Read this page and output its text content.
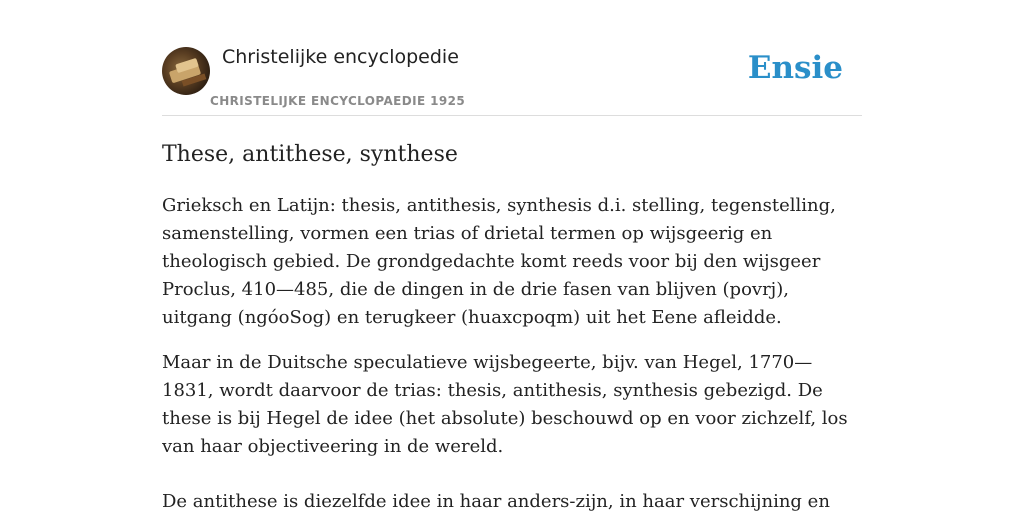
Christelijke encyclopedie
CHRISTELIJKE ENCYCLOPAEDIE 1925
Ensie
These, antithese, synthese

Grieksch en Latijn: thesis, antithesis, synthesis d.i. stelling, tegenstelling, samenstelling, vormen een trias of drietal termen op wijsgeerig en theologisch gebied. De grondgedachte komt reeds voor bij den wijsgeer Proclus, 410—485, die de dingen in de drie fasen van blijven (povrj), uitgang (ngóoSog) en terugkeer (huaxcpoqm) uit het Eene afleidde.

Maar in de Duitsche speculatieve wijsbegeerte, bijv. van Hegel, 1770—1831, wordt daarvoor de trias: thesis, antithesis, synthesis gebezigd. De these is bij Hegel de idee (het absolute) beschouwd op en voor zichzelf, los van haar objectiveering in de wereld.

De antithese is diezelfde idee in haar anders-zijn, in haar verschijning en
